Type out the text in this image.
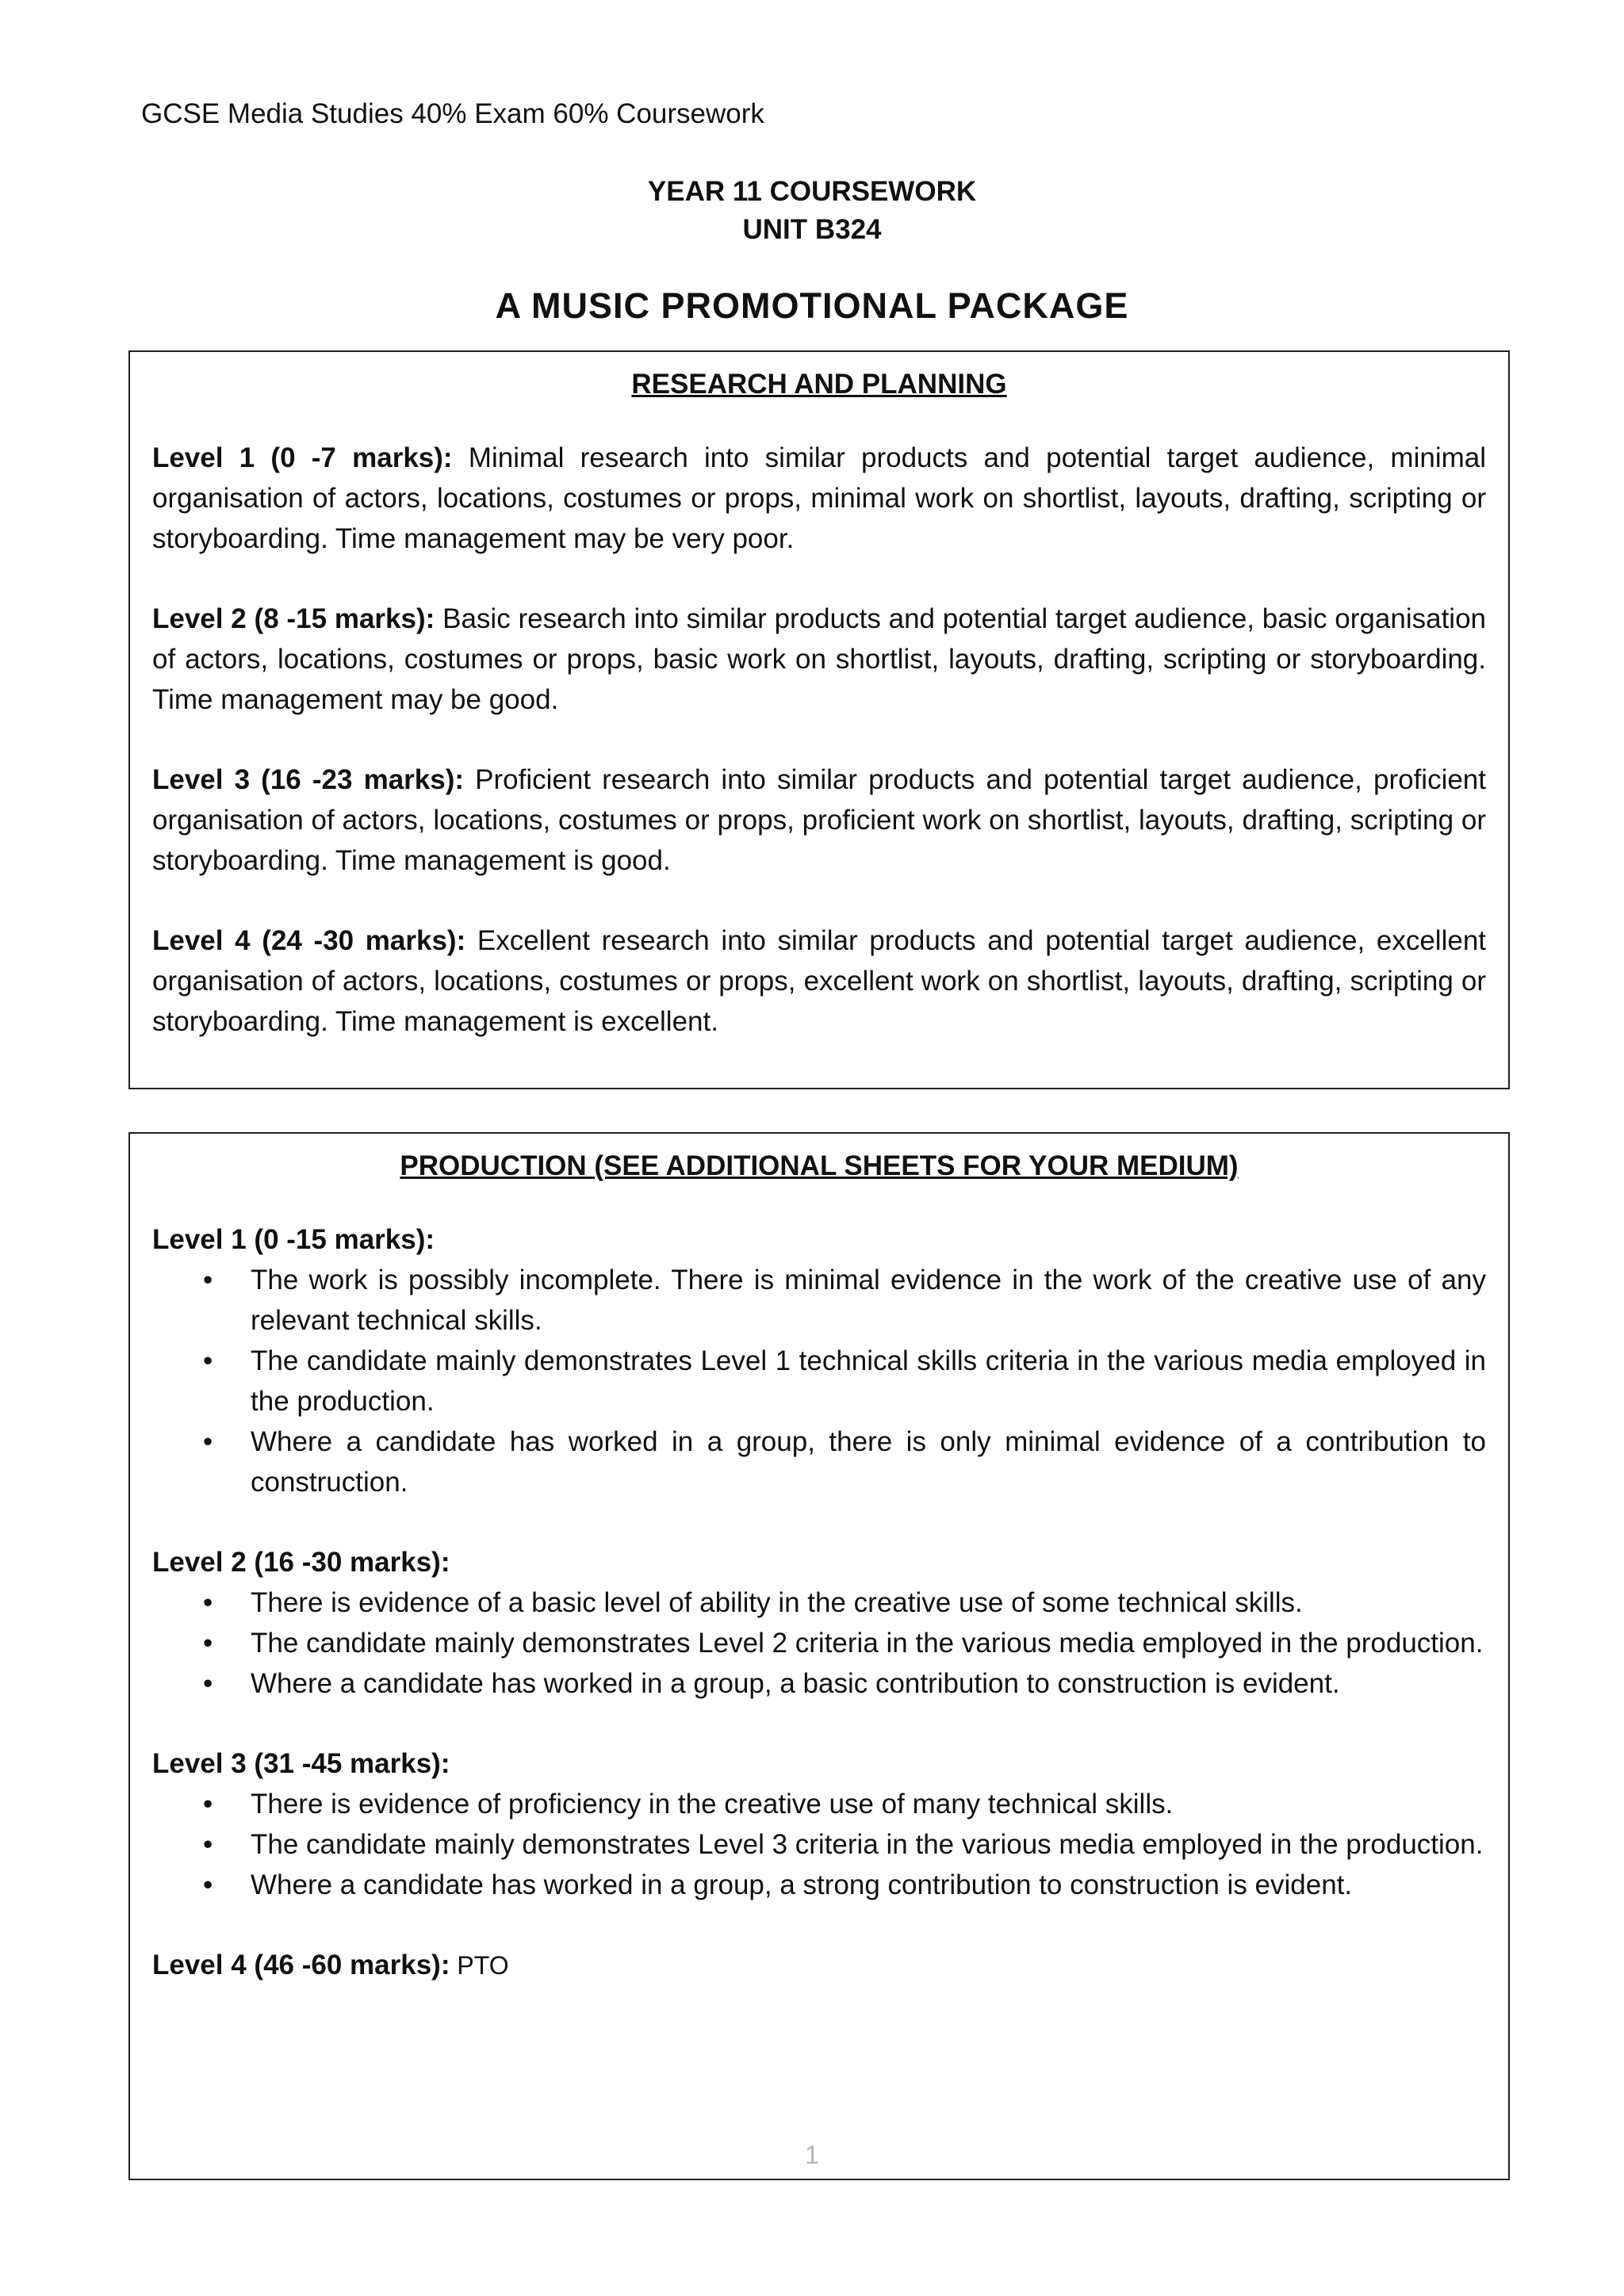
GCSE Media Studies 40% Exam 60% Coursework
YEAR 11 COURSEWORK
UNIT B324
A MUSIC PROMOTIONAL PACKAGE
RESEARCH AND PLANNING

Level 1 (0 -7 marks): Minimal research into similar products and potential target audience, minimal organisation of actors, locations, costumes or props, minimal work on shortlist, layouts, drafting, scripting or storyboarding. Time management may be very poor.

Level 2 (8 -15 marks): Basic research into similar products and potential target audience, basic organisation of actors, locations, costumes or props, basic work on shortlist, layouts, drafting, scripting or storyboarding. Time management may be good.

Level 3 (16 -23 marks): Proficient research into similar products and potential target audience, proficient organisation of actors, locations, costumes or props, proficient work on shortlist, layouts, drafting, scripting or storyboarding. Time management is good.

Level 4 (24 -30 marks): Excellent research into similar products and potential target audience, excellent organisation of actors, locations, costumes or props, excellent work on shortlist, layouts, drafting, scripting or storyboarding. Time management is excellent.

PRODUCTION (SEE ADDITIONAL SHEETS FOR YOUR MEDIUM)
Level 1 (0 -15 marks):
• The work is possibly incomplete. There is minimal evidence in the work of the creative use of any relevant technical skills.
• The candidate mainly demonstrates Level 1 technical skills criteria in the various media employed in the production.
• Where a candidate has worked in a group, there is only minimal evidence of a contribution to construction.
Level 2 (16 -30 marks):
• There is evidence of a basic level of ability in the creative use of some technical skills.
• The candidate mainly demonstrates Level 2 criteria in the various media employed in the production.
• Where a candidate has worked in a group, a basic contribution to construction is evident.
Level 3 (31 -45 marks):
• There is evidence of proficiency in the creative use of many technical skills.
• The candidate mainly demonstrates Level 3 criteria in the various media employed in the production.
• Where a candidate has worked in a group, a strong contribution to construction is evident.
Level 4 (46 -60 marks): PTO
1
